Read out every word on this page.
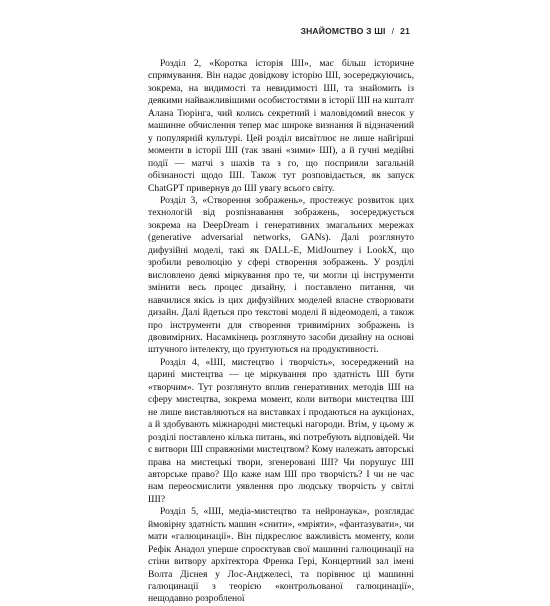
ЗНАЙОМСТВО З ШІ / 21

Розділ 2, «Коротка історія ШІ», має більш історичне спрямування. Він надає довідкову історію ШІ, зосереджуючись, зокрема, на видимості та невидимості ШІ, та знайомить із деякими найважливішими особистостями в історії ШІ на кшталт Алана Тюрінга, чий колись секретний і маловідомий внесок у машинне обчислення тепер має широке визнання й відзначений у популярній культурі. Цей розділ висвітлює не лише найгірші моменти в історії ШІ (так звані «зими» ШІ), а й гучні медійні події — матчі з шахів та з го, що посприяли загальній обізнаності щодо ШІ. Також тут розповідається, як запуск ChatGPT привернув до ШІ увагу всього світу.

Розділ 3, «Створення зображень», простежує розвиток цих технологій від розпізнавання зображень, зосереджується зокрема на DeepDream і генеративних змагальних мережах (generative adversarial networks, GANs). Далі розглянуто дифузійні моделі, такі як DALL-E, MidJourney і LookX, що зробили революцію у сфері створення зображень. У розділі висловлено деякі міркування про те, чи могли ці інструменти змінити весь процес дизайну, і поставлено питання, чи навчилися якісь із цих дифузійних моделей власне створювати дизайн. Далі йдеться про текстові моделі й відеомоделі, а також про інструменти для створення тривимірних зображень із двовимірних. Насамкінець розглянуто засоби дизайну на основі штучного інтелекту, що ґрунтуються на продуктивності.

Розділ 4, «ШІ, мистецтво і творчість», зосереджений на царині мистецтва — це міркування про здатність ШІ бути «творчим». Тут розглянуто вплив генеративних методів ШІ на сферу мистецтва, зокрема момент, коли витвори мистецтва ШІ не лише виставляються на виставках і продаються на аукціонах, а й здобувають міжнародні мистецькі нагороди. Втім, у цьому ж розділі поставлено кілька питань, які потребують відповідей. Чи є витвори ШІ справжніми мистецтвом? Кому належать авторські права на мистецькі твори, згенеровані ШІ? Чи порушує ШІ авторське право? Що каже нам ШІ про творчість? І чи не час нам переосмислити уявлення про людську творчість у світлі ШІ?

Розділ 5, «ШІ, медіа-мистецтво та нейронаука», розглядає ймовірну здатність машин «снити», «мріяти», «фантазувати», чи мати «галюцинації». Він підкреслює важливість моменту, коли Рефік Анадол уперше спроєктував свої машинні галюцинації на стіни витвору архітектора Френка Гері, Концертний зал імені Волта Діснея у Лос-Анджелесі, та порівнює ці машинні галюцинації з теорією «контрольованої галюцинації», нещодавно розробленої
